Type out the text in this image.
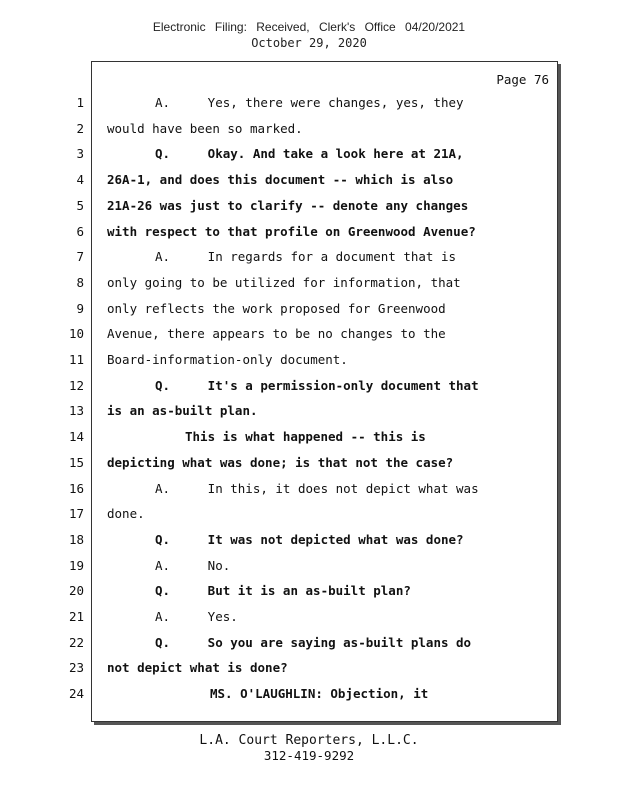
Electronic Filing: Received, Clerk's Office 04/20/2021
October 29, 2020
Page 76
1	A.     Yes, there were changes, yes, they
2 would have been so marked.
3	Q.     Okay. And take a look here at 21A,
4 26A-1, and does this document -- which is also
5 21A-26 was just to clarify -- denote any changes
6 with respect to that profile on Greenwood Avenue?
7	A.     In regards for a document that is
8 only going to be utilized for information, that
9 only reflects the work proposed for Greenwood
10 Avenue, there appears to be no changes to the
11 Board-information-only document.
12	Q.     It's a permission-only document that
13 is an as-built plan.
14	This is what happened -- this is
15 depicting what was done; is that not the case?
16	A.     In this, it does not depict what was
17 done.
18	Q.     It was not depicted what was done?
19	A.     No.
20	Q.     But it is an as-built plan?
21	A.     Yes.
22	Q.     So you are saying as-built plans do
23 not depict what is done?
24	MS. O'LAUGHLIN: Objection, it
L.A. Court Reporters, L.L.C.
312-419-9292
